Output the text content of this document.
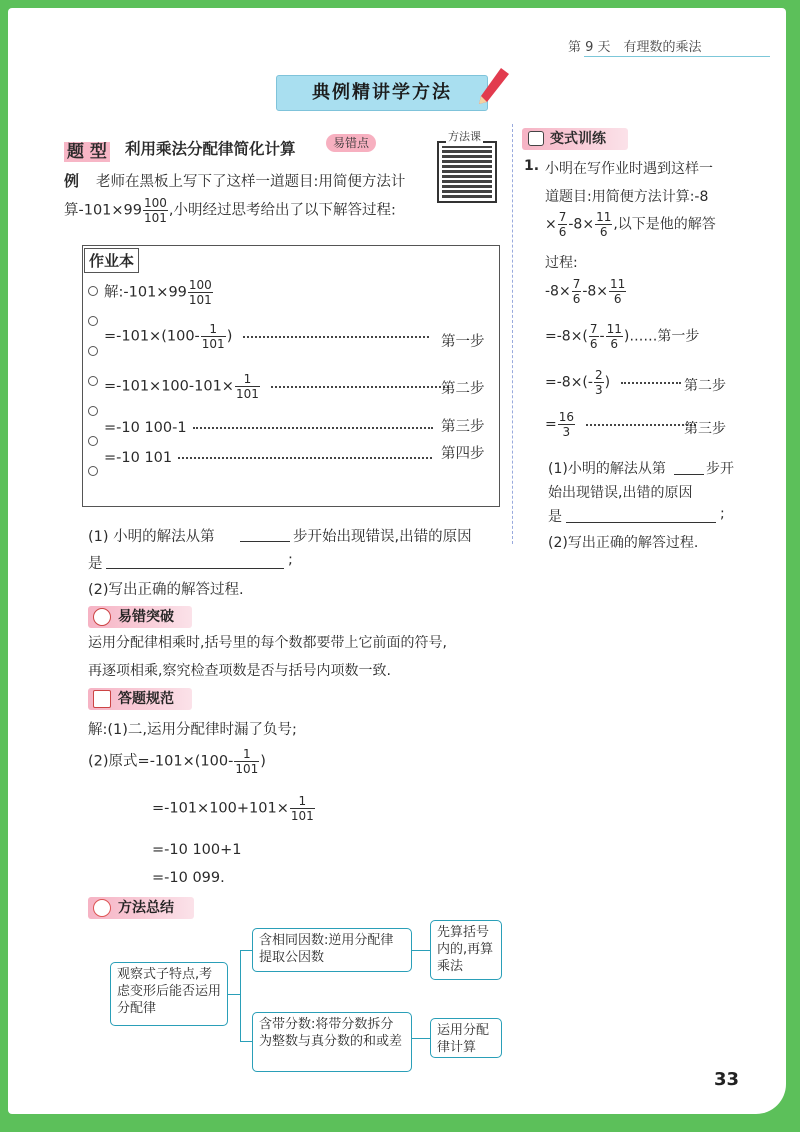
第 9 天　有理数的乘法
典例精讲学方法
题 型 利用乘法分配律简化计算	易错点	方法课
例 老师在黑板上写下了这样一道题目:用简便方法计
算$-101\times 99 \frac{100}{101}$ ,小明经过思考给出了以下解答过程:
作业本
解:-101×99 $\frac{100}{101}$
$=-101\times(100- \frac{1}{101}$ )	第一步
$=-101\times 100-101\times \frac{1}{101}$
	第二步
=-10 100-1	第三步
=-10 101	第四步
(1) 小明的解法从第	步开始出现错误,出错的原因
是	;
(2)写出正确的解答过程.
易错突破
运用分配律相乘时,括号里的每个数都要带上它前面的符号,
再逐项相乘,察究检查项数是否与括号内项数一致.
答题规范
解:(1)二,运用分配律时漏了负号;
(2)原式$=-101\times(100- \frac{1}{101}$ )
$=-101\times 100+101\times \frac{1}{101}$
=-10 100+1
=-10 099.
方法总结
观察式子特点,考虑变形后能否运用分配律
含相同因数:逆用分配律提取公因数
先算括号内的,再算乘法
含带分数:将带分数拆分为整数与真分数的和或差
运用分配律计算
变式训练
1. 小明在写作业时遇到这样一
道题目:用简便方法计算:-8
× $\frac{7}{6} -8\times \frac{11}{6}$ ,以下是他的解答
过程:
$-8\times \frac{7}{6} -8\times \frac{11}{6}$
$=-8\times( \frac{7}{6} - \frac{11}{6}$ )……第一步
$=-8\times(- \frac{2}{3}$ )	第二步
= $\frac{16}{3}$
	第三步
(1)小明的解法从第	步开
始出现错误,出错的原因
是	;
(2)写出正确的解答过程.
33
